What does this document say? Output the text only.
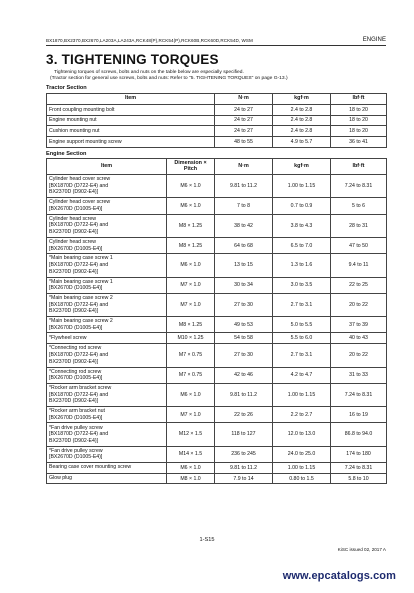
BX1870,BX2370,BX2670,LA203A,LA243A,RCK48(P),RCK54(P),RCK60B,RCK60D,RCK54D, WSM	ENGINE
3. TIGHTENING TORQUES
Tightening torques of screws, bolts and nuts on the table below are especially specified.
(Tractor section for general use screws, bolts and nuts: Refer to "5. TIGHTENING TORQUES" on page G-13.)
Tractor Section
Item	N·m	kgf·m	lbf·ft
Front coupling mounting bolt	24 to 27	2.4 to 2.8	18 to 20
Engine mounting nut	24 to 27	2.4 to 2.8	18 to 20
Cushion mounting nut	24 to 27	2.4 to 2.8	18 to 20
Engine support mounting screw	48 to 55	4.9 to 5.7	36 to 41
Engine Section
Item	Dimension × Pitch	N·m	kgf·m	lbf·ft

Cylinder head cover screw
[BX1870D (D722-E4) and
BX2370D (D902-E4)]	M6 × 1.0	9.81 to 11.2	1.00 to 1.15	7.24 to 8.31

Cylinder head cover screw
[BX2670D (D1005-E4)]	M6 × 1.0	7 to 8	0.7 to 0.9	5 to 6

Cylinder head screw
[BX1870D (D722-E4) and
BX2370D (D902-E4)]	M8 × 1.25	38 to 42	3.8 to 4.3	28 to 31

Cylinder head screw
[BX2670D (D1005-E4)]	M8 × 1.25	64 to 68	6.5 to 7.0	47 to 50

*Main bearing case screw 1
[BX1870D (D722-E4) and
BX2370D (D902-E4)]	M6 × 1.0	13 to 15	1.3 to 1.6	9.4 to 11

*Main bearing case screw 1
[BX2670D (D1005-E4)]	M7 × 1.0	30 to 34	3.0 to 3.5	22 to 25

*Main bearing case screw 2
[BX1870D (D722-E4) and
BX2370D (D902-E4)]	M7 × 1.0	27 to 30	2.7 to 3.1	20 to 22

*Main bearing case screw 2
[BX2670D (D1005-E4)]	M8 × 1.25	49 to 53	5.0 to 5.5	37 to 39

*Flywheel screw	M10 × 1.25	54 to 58	5.5 to 6.0	40 to 43

*Connecting rod screw
[BX1870D (D722-E4) and
BX2370D (D902-E4)]	M7 × 0.75	27 to 30	2.7 to 3.1	20 to 22

*Connecting rod screw
[BX2670D (D1005-E4)]	M7 × 0.75	42 to 46	4.2 to 4.7	31 to 33

*Rocker arm bracket screw
[BX1870D (D722-E4) and
BX2370D (D902-E4)]	M6 × 1.0	9.81 to 11.2	1.00 to 1.15	7.24 to 8.31

*Rocker arm bracket nut
[BX2670D (D1005-E4)]	M7 × 1.0	22 to 26	2.2 to 2.7	16 to 19

*Fan drive pulley screw
[BX1870D (D722-E4) and
BX2370D (D902-E4)]	M12 × 1.5	118 to 127	12.0 to 13.0	86.8 to 94.0

*Fan drive pulley screw
[BX2670D (D1005-E4)]	M14 × 1.5	236 to 245	24.0 to 25.0	174 to 180

Bearing case cover mounting screw	M6 × 1.0	9.81 to 11.2	1.00 to 1.15	7.24 to 8.31

Glow plug	M8 × 1.0	7.9 to 14	0.80 to 1.5	5.8 to 10
1-S15
KiSC issued 02, 2017 A
www.epcatalogs.com
